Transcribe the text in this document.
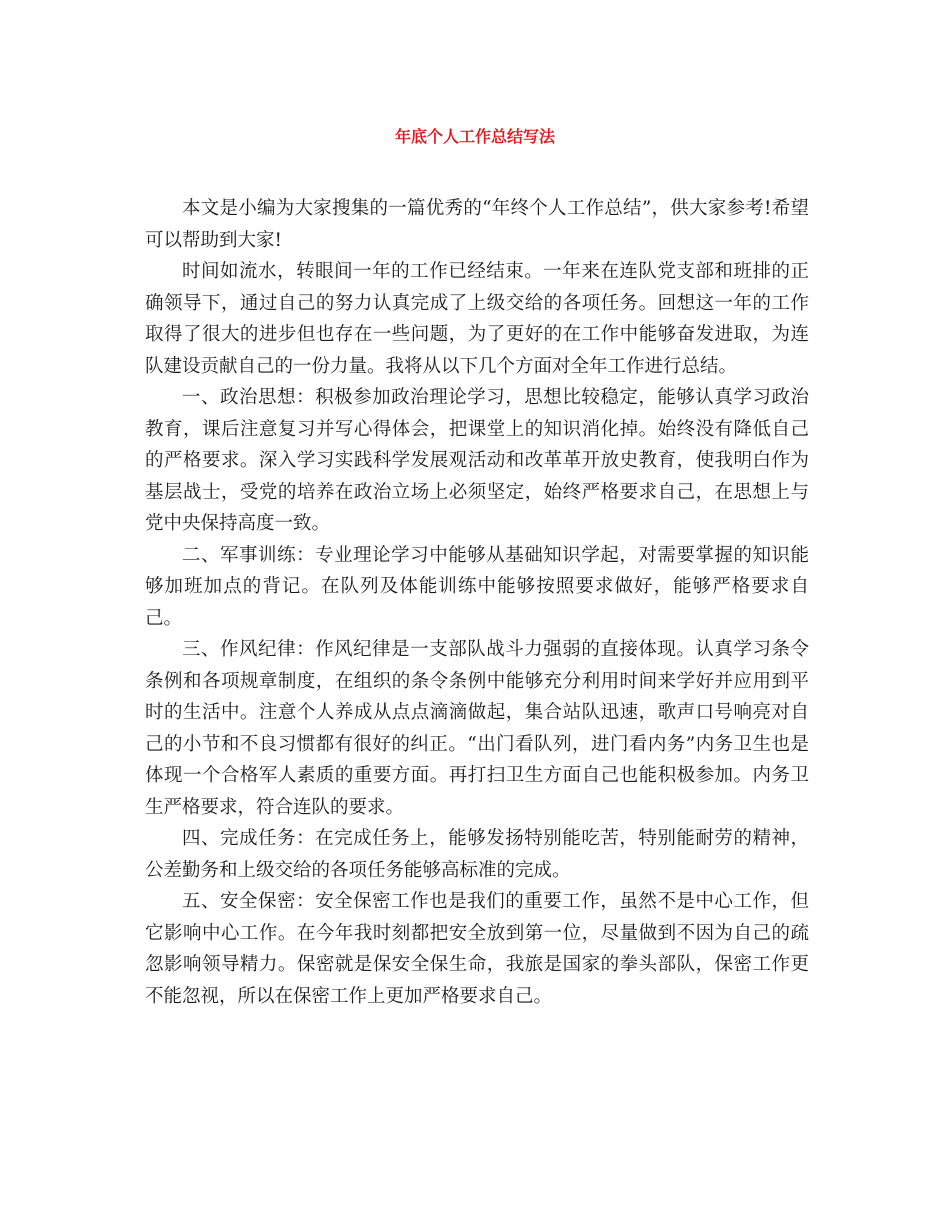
年底个人工作总结写法

本文是小编为大家搜集的一篇优秀的“年终个人工作总结”，供大家参考!希望可以帮助到大家!

时间如流水，转眼间一年的工作已经结束。一年来在连队党支部和班排的正确领导下，通过自己的努力认真完成了上级交给的各项任务。回想这一年的工作取得了很大的进步但也存在一些问题，为了更好的在工作中能够奋发进取，为连队建设贡献自己的一份力量。我将从以下几个方面对全年工作进行总结。

一、政治思想：积极参加政治理论学习，思想比较稳定，能够认真学习政治教育，课后注意复习并写心得体会，把课堂上的知识消化掉。始终没有降低自己的严格要求。深入学习实践科学发展观活动和改革革开放史教育，使我明白作为基层战士，受党的培养在政治立场上必须坚定，始终严格要求自己，在思想上与党中央保持高度一致。

二、军事训练：专业理论学习中能够从基础知识学起，对需要掌握的知识能够加班加点的背记。在队列及体能训练中能够按照要求做好，能够严格要求自己。

三、作风纪律：作风纪律是一支部队战斗力强弱的直接体现。认真学习条令条例和各项规章制度，在组织的条令条例中能够充分利用时间来学好并应用到平时的生活中。注意个人养成从点点滴滴做起，集合站队迅速，歌声口号响亮对自己的小节和不良习惯都有很好的纠正。“出门看队列，进门看内务”内务卫生也是体现一个合格军人素质的重要方面。再打扫卫生方面自己也能积极参加。内务卫生严格要求，符合连队的要求。

四、完成任务：在完成任务上，能够发扬特别能吃苦，特别能耐劳的精神，公差勤务和上级交给的各项任务能够高标准的完成。

五、安全保密：安全保密工作也是我们的重要工作，虽然不是中心工作，但它影响中心工作。在今年我时刻都把安全放到第一位，尽量做到不因为自己的疏忽影响领导精力。保密就是保安全保生命，我旅是国家的拳头部队，保密工作更不能忽视，所以在保密工作上更加严格要求自己。
